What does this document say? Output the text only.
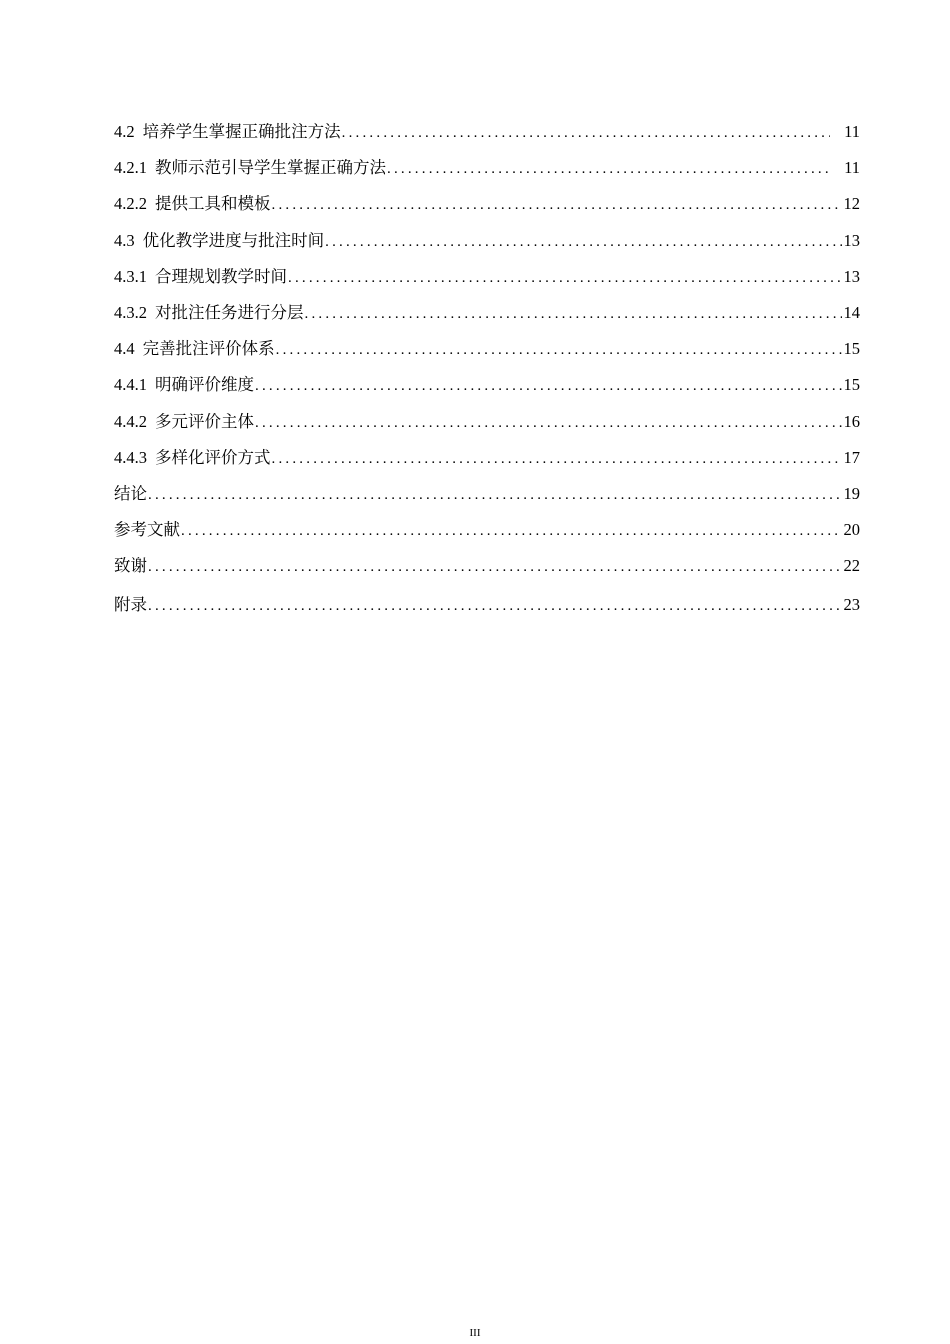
4.2 培养学生掌握正确批注方法 .....	11
4.2.1 教师示范引导学生掌握正确方法 .....	11
4.2.2 提供工具和模板 .....	12
4.3 优化教学进度与批注时间 .....	13
4.3.1 合理规划教学时间 .....	13
4.3.2 对批注任务进行分层 .....	14
4.4 完善批注评价体系 .....	15
4.4.1 明确评价维度 .....	15
4.4.2 多元评价主体 .....	16
4.4.3 多样化评价方式 .....	17
结论 .....	19
参考文献 .....	20
致谢 .....	22
附录 .....	23
III
